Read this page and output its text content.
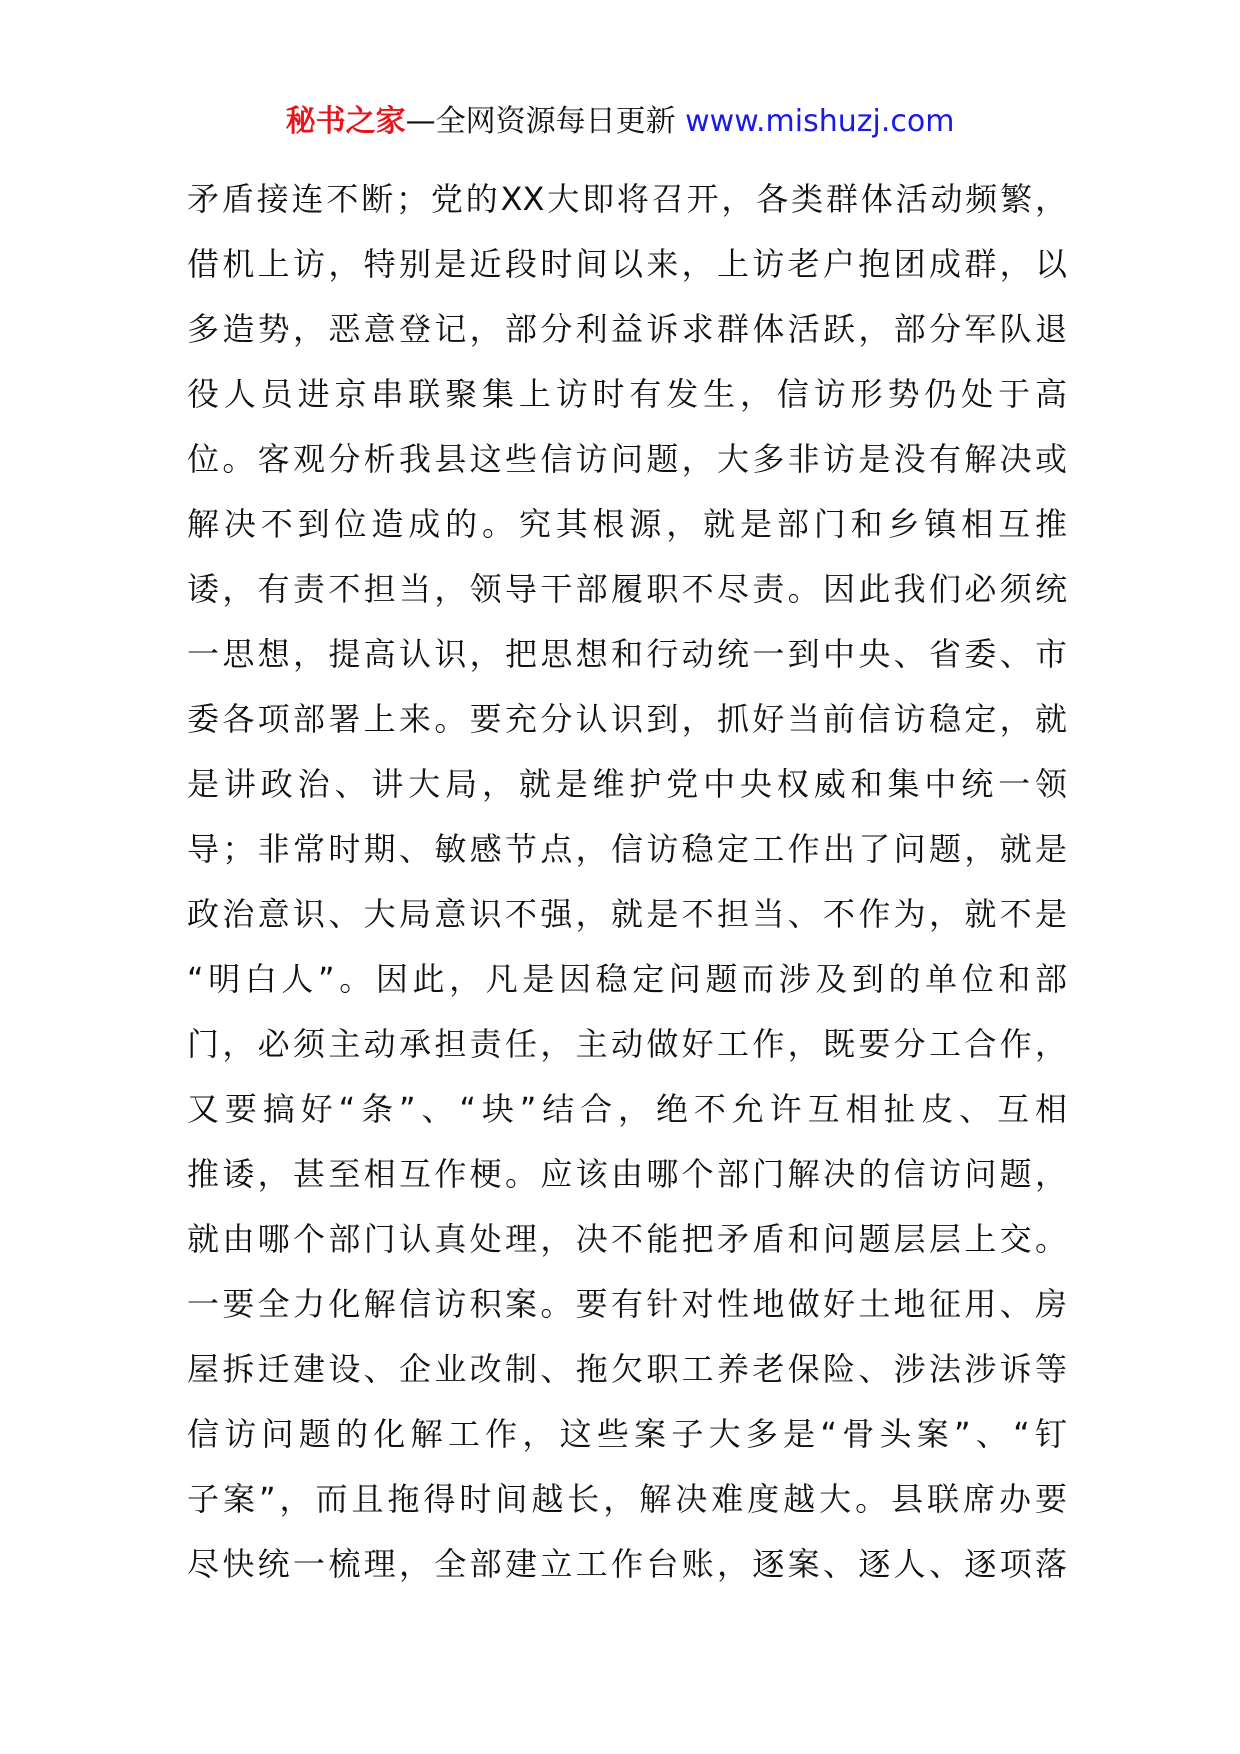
秘书之家—全网资源每日更新 www.mishuzj.com
矛盾接连不断；党的XX大即将召开，各类群体活动频繁，
借机上访，特别是近段时间以来，上访老户抱团成群，以
多造势，恶意登记，部分利益诉求群体活跃，部分军队退
役人员进京串联聚集上访时有发生，信访形势仍处于高
位。客观分析我县这些信访问题，大多非访是没有解决或
解决不到位造成的。究其根源，就是部门和乡镇相互推
诿，有责不担当，领导干部履职不尽责。因此我们必须统
一思想，提高认识，把思想和行动统一到中央、省委、市
委各项部署上来。要充分认识到，抓好当前信访稳定，就
是讲政治、讲大局，就是维护党中央权威和集中统一领
导；非常时期、敏感节点，信访稳定工作出了问题，就是
政治意识、大局意识不强，就是不担当、不作为，就不是
“明白人”。因此，凡是因稳定问题而涉及到的单位和部
门，必须主动承担责任，主动做好工作，既要分工合作，
又要搞好“条”、“块”结合，绝不允许互相扯皮、互相
推诿，甚至相互作梗。应该由哪个部门解决的信访问题，
就由哪个部门认真处理，决不能把矛盾和问题层层上交。
一要全力化解信访积案。要有针对性地做好土地征用、房
屋拆迁建设、企业改制、拖欠职工养老保险、涉法涉诉等
信访问题的化解工作，这些案子大多是“骨头案”、“钉
子案”，而且拖得时间越长，解决难度越大。县联席办要
尽快统一梳理，全部建立工作台账，逐案、逐人、逐项落
